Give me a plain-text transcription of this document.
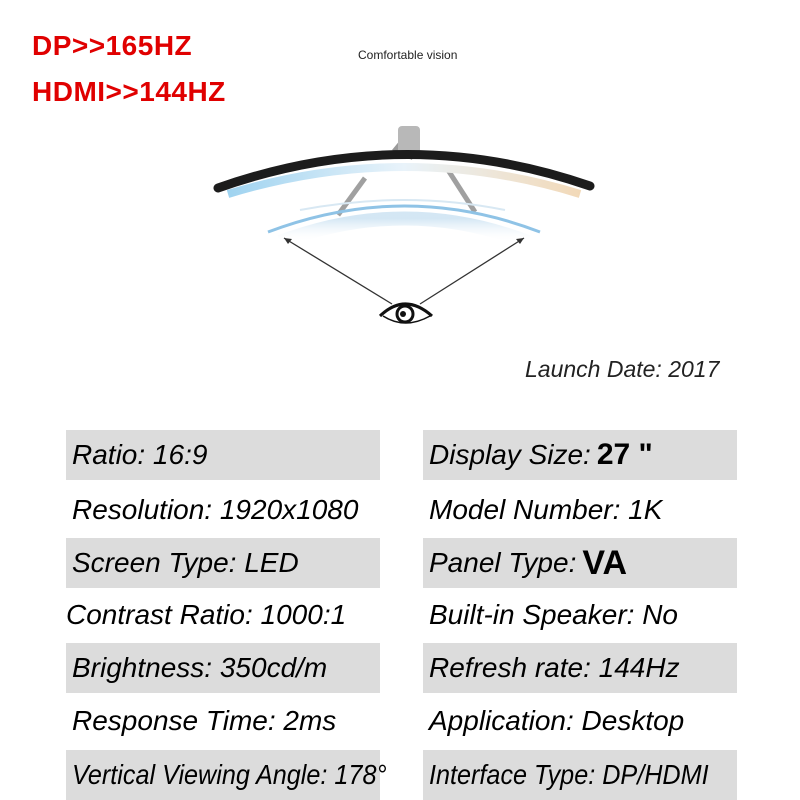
DP>>165HZ
HDMI>>144HZ
Comfortable vision
Launch Date: 2017
Ratio: 16:9
Resolution: 1920x1080
Screen Type: LED
Contrast Ratio: 1000:1
Brightness: 350cd/m
Response Time: 2ms
Vertical Viewing Angle: 178°
Display Size: 27 "
Model Number: 1K
Panel Type: VA
Built-in Speaker: No
Refresh rate: 144Hz
Application: Desktop
Interface Type: DP/HDMI
